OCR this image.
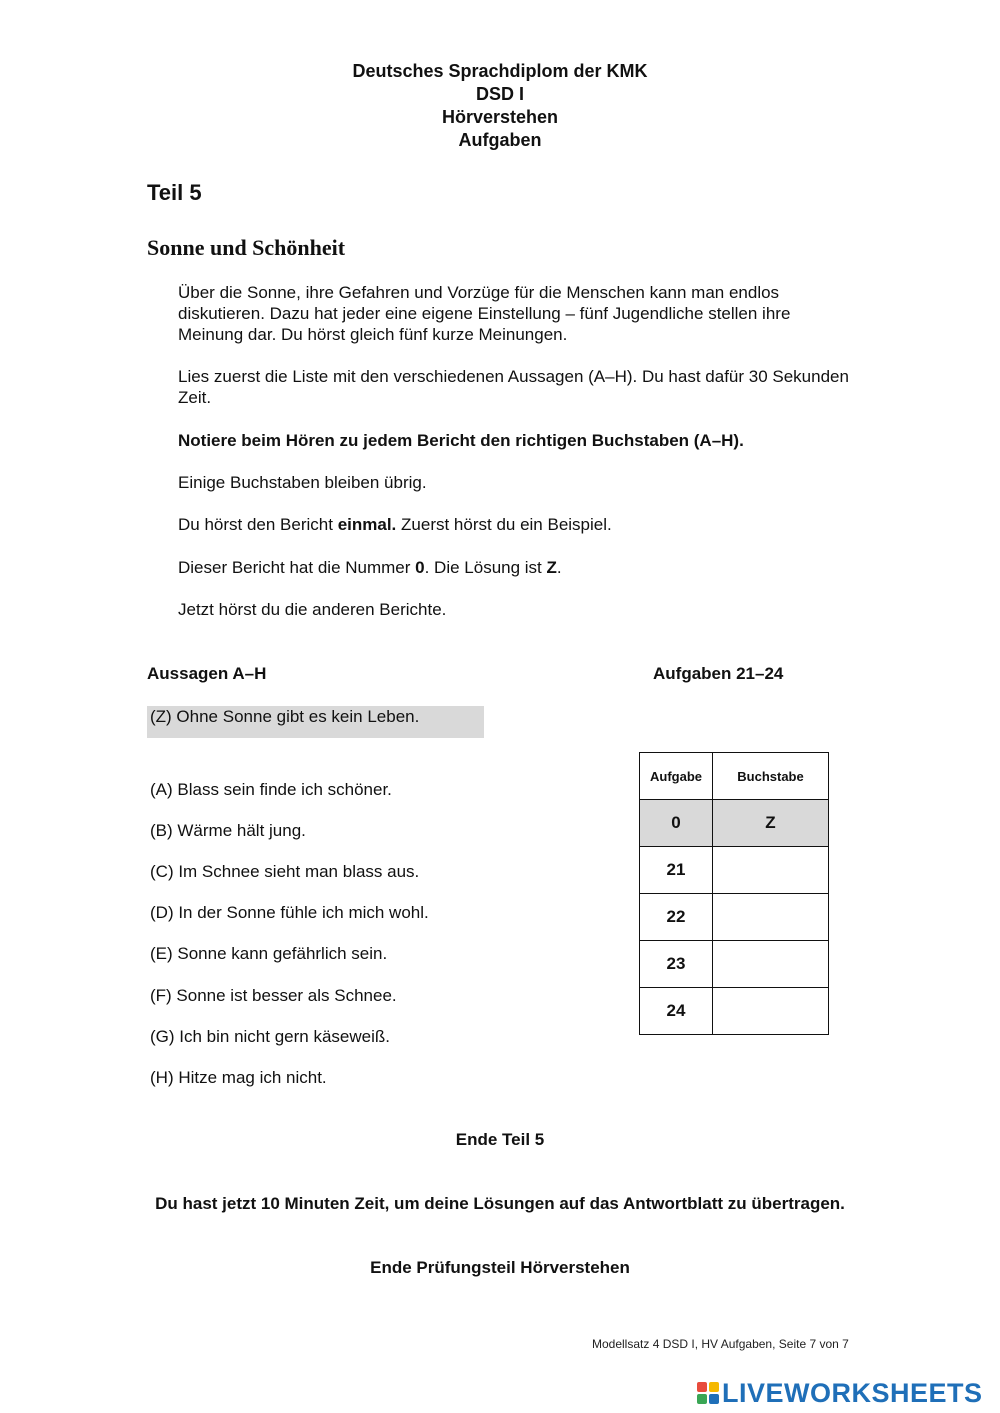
Deutsches Sprachdiplom der KMK
DSD I
Hörverstehen
Aufgaben
Teil 5
Sonne und Schönheit
Über die Sonne, ihre Gefahren und Vorzüge für die Menschen kann man endlos diskutieren. Dazu hat jeder eine eigene Einstellung – fünf Jugendliche stellen ihre Meinung dar. Du hörst gleich fünf kurze Meinungen.
Lies zuerst die Liste mit den verschiedenen Aussagen (A–H). Du hast dafür 30 Sekunden Zeit.
Notiere beim Hören zu jedem Bericht den richtigen Buchstaben (A–H).
Einige Buchstaben bleiben übrig.
Du hörst den Bericht einmal. Zuerst hörst du ein Beispiel.
Dieser Bericht hat die Nummer 0. Die Lösung ist Z.
Jetzt hörst du die anderen Berichte.
Aussagen A–H	Aufgaben 21–24
(Z) Ohne Sonne gibt es kein Leben.
(A) Blass sein finde ich schöner.
(B) Wärme hält jung.
(C) Im Schnee sieht man blass aus.
(D) In der Sonne fühle ich mich wohl.
(E) Sonne kann gefährlich sein.
(F) Sonne ist besser als Schnee.
(G) Ich bin nicht gern käseweiß.
(H) Hitze mag ich nicht.
Aufgabe	Buchstabe
0	Z
21	
22	
23	
24	
Ende Teil 5
Du hast jetzt 10 Minuten Zeit, um deine Lösungen auf das Antwortblatt zu übertragen.
Ende Prüfungsteil Hörverstehen
Modellsatz 4 DSD I, HV Aufgaben, Seite 7 von 7
LIVEWORKSHEETS
